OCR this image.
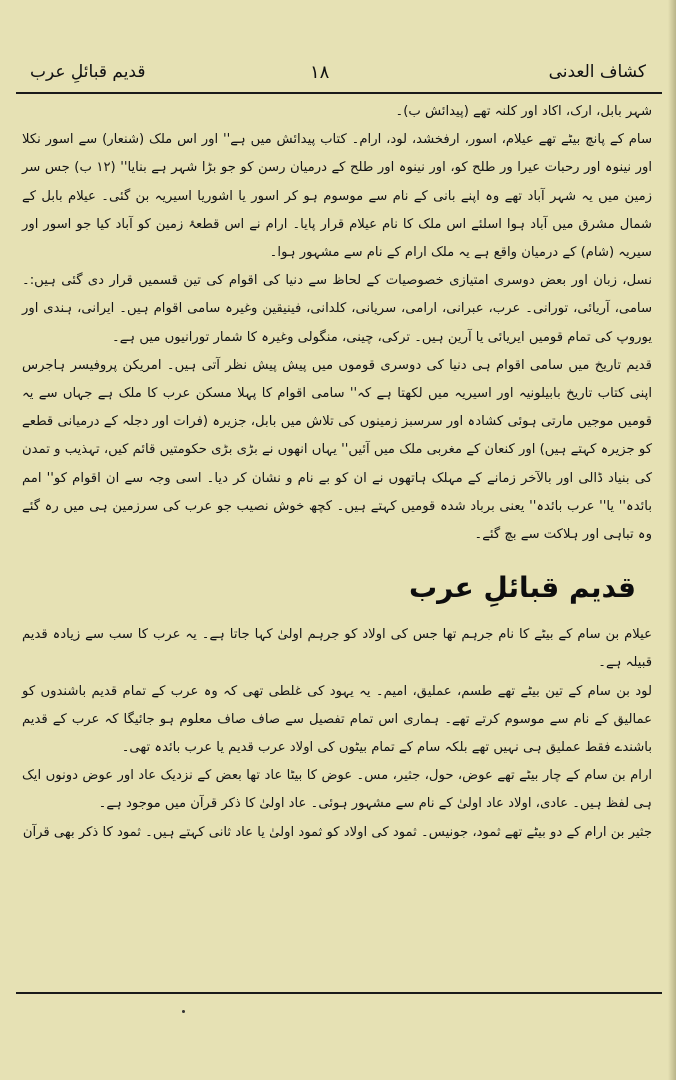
قدیم قبائلِ عرب	۱۸	کشاف العدنی

شہر بابل، ارک، اکاد اور کلنہ تھے (پیدائش ب)۔

سام کے پانچ بیٹے تھے عیلام، اسور، ارفخشد، لود، ارام۔ کتاب پیدائش میں ہے'' اور اس ملک (شنعار) سے اسور نکلا اور نینوہ اور رحبات عیرا ور طلح کو، اور نینوہ اور طلح کے درمیان رسن کو جو بڑا شہر ہے بنایا'' (۱۲ ب) جس سر زمین میں یہ شہر آباد تھے وہ اپنے بانی کے نام سے موسوم ہو کر اسور یا اشوریا اسیریہ بن گئی۔ عیلام بابل کے شمال مشرق میں آباد ہوا اسلئے اس ملک کا نام عیلام قرار پایا۔ ارام نے اس قطعۂ زمین کو آباد کیا جو اسور اور سیریہ (شام) کے درمیان واقع ہے یہ ملک ارام کے نام سے مشہور ہوا۔

نسل، زبان اور بعض دوسری امتیازی خصوصیات کے لحاظ سے دنیا کی اقوام کی تین قسمیں قرار دی گئی ہیں:۔ سامی، آریائی، تورانی۔ عرب، عبرانی، ارامی، سریانی، کلدانی، فینیقین وغیرہ سامی اقوام ہیں۔ ایرانی، ہندی اور یوروپ کی تمام قومیں ایریائی یا آرین ہیں۔ ترکی، چینی، منگولی وغیرہ کا شمار تورانیوں میں ہے۔

قدیم تاریخ میں سامی اقوام ہی دنیا کی دوسری قوموں میں پیش پیش نظر آتی ہیں۔ امریکن پروفیسر ہاجرس اپنی کتاب تاریخ بابیلونیہ اور اسیریہ میں لکھتا ہے کہ'' سامی اقوام کا پہلا مسکن عرب کا ملک ہے جہاں سے یہ قومیں موجیں مارتی ہوئی کشادہ اور سرسبز زمینوں کی تلاش میں بابل، جزیرہ (فرات اور دجلہ کے درمیانی قطعے کو جزیرہ کہتے ہیں) اور کنعان کے مغربی ملک میں آئیں'' یہاں انھوں نے بڑی بڑی حکومتیں قائم کیں، تہذیب و تمدن کی بنیاد ڈالی اور بالآخر زمانے کے مہلک ہاتھوں نے ان کو بے نام و نشان کر دیا۔ اسی وجہ سے ان اقوام کو'' امم بائدہ'' یا'' عرب بائدہ'' یعنی برباد شدہ قومیں کہتے ہیں۔ کچھ خوش نصیب جو عرب کی سرزمین ہی میں رہ گئے وہ تباہی اور ہلاکت سے بچ گئے۔

قدیم قبائلِ عرب

عیلام بن سام کے بیٹے کا نام جرہم تھا جس کی اولاد کو جرہم اولیٰ کہا جاتا ہے۔ یہ عرب کا سب سے زیادہ قدیم قبیلہ ہے۔

لود بن سام کے تین بیٹے تھے طسم، عملیق، امیم۔ یہ یہود کی غلطی تھی کہ وہ عرب کے تمام قدیم باشندوں کو عمالیق کے نام سے موسوم کرتے تھے۔ ہماری اس تمام تفصیل سے صاف صاف معلوم ہو جائیگا کہ عرب کے قدیم باشندے فقط عملیق ہی نہیں تھے بلکہ سام کے تمام بیٹوں کی اولاد عرب قدیم یا عرب بائدہ تھی۔

ارام بن سام کے چار بیٹے تھے عوض، حول، جثیر، مس۔ عوض کا بیٹا عاد تھا بعض کے نزدیک عاد اور عوض دونوں ایک ہی لفظ ہیں۔ عادی، اولاد عاد اولیٰ کے نام سے مشہور ہوئی۔ عاد اولیٰ کا ذکر قرآن میں موجود ہے۔

جثیر بن ارام کے دو بیٹے تھے ثمود، جونیس۔ ثمود کی اولاد کو ثمود اولیٰ یا عاد ثانی کہتے ہیں۔ ثمود کا ذکر بھی قرآن
